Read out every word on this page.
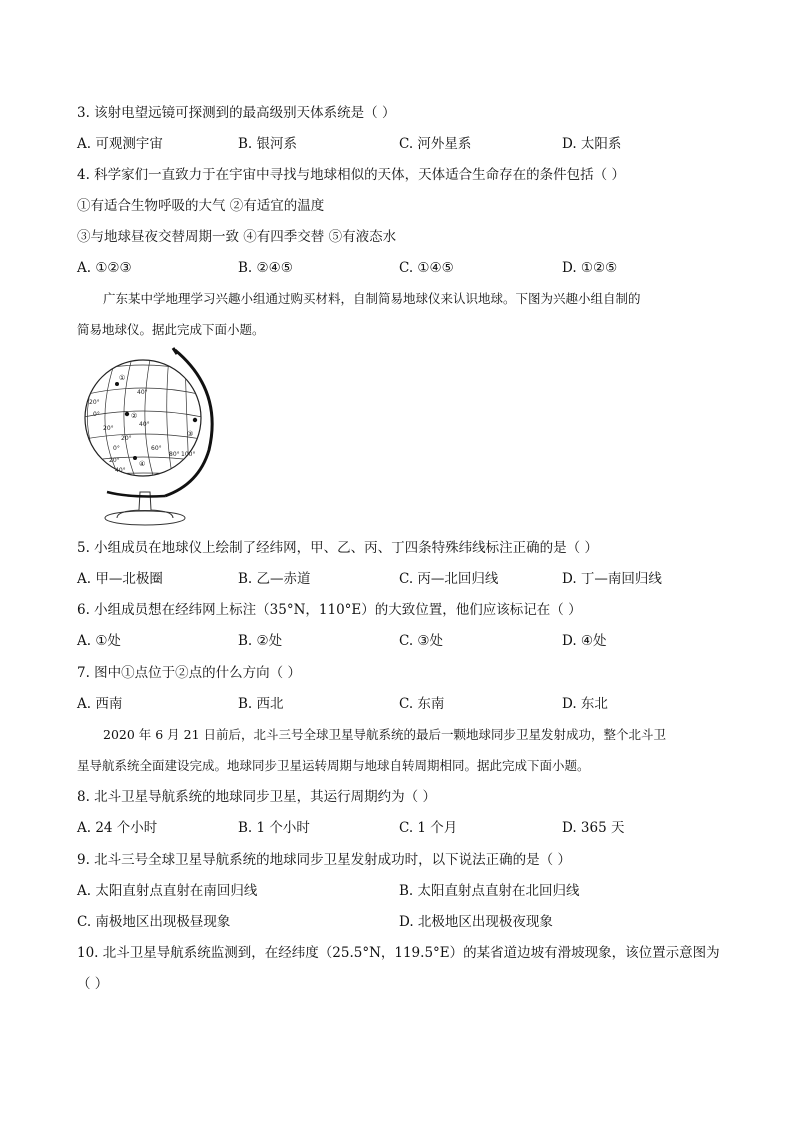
3. 该射电望远镜可探测到的最高级别天体系统是（ ）
A. 可观测宇宙	B. 银河系	C. 河外星系	D. 太阳系
4. 科学家们一直致力于在宇宙中寻找与地球相似的天体，天体适合生命存在的条件包括（ ）
①有适合生物呼吸的大气 ②有适宜的温度
③与地球昼夜交替周期一致 ④有四季交替 ⑤有液态水
A. ①②③	B. ②④⑤	C. ①④⑤	D. ①②⑤
广东某中学地理学习兴趣小组通过购买材料，自制简易地球仪来认识地球。下图为兴趣小组自制的
简易地球仪。据此完成下面小题。
20°
0°
20°
40°
60°
80° 100°
40°
20°
0°
20°
40°
①
②
③
④
5. 小组成员在地球仪上绘制了经纬网，甲、乙、丙、丁四条特殊纬线标注正确的是（ ）
A. 甲—北极圈	B. 乙—赤道	C. 丙—北回归线	D. 丁—南回归线
6. 小组成员想在经纬网上标注（35°N，110°E）的大致位置，他们应该标记在（ ）
A. ①处	B. ②处	C. ③处	D. ④处
7. 图中①点位于②点的什么方向（ ）
A. 西南	B. 西北	C. 东南	D. 东北
2020 年 6 月 21 日前后，北斗三号全球卫星导航系统的最后一颗地球同步卫星发射成功，整个北斗卫
星导航系统全面建设完成。地球同步卫星运转周期与地球自转周期相同。据此完成下面小题。
8. 北斗卫星导航系统的地球同步卫星，其运行周期约为（ ）
A. 24 个小时	B. 1 个小时	C. 1 个月	D. 365 天
9. 北斗三号全球卫星导航系统的地球同步卫星发射成功时，以下说法正确的是（ ）
A. 太阳直射点直射在南回归线	B. 太阳直射点直射在北回归线
C. 南极地区出现极昼现象	D. 北极地区出现极夜现象
10. 北斗卫星导航系统监测到，在经纬度（25.5°N，119.5°E）的某省道边坡有滑坡现象，该位置示意图为
（ ）
